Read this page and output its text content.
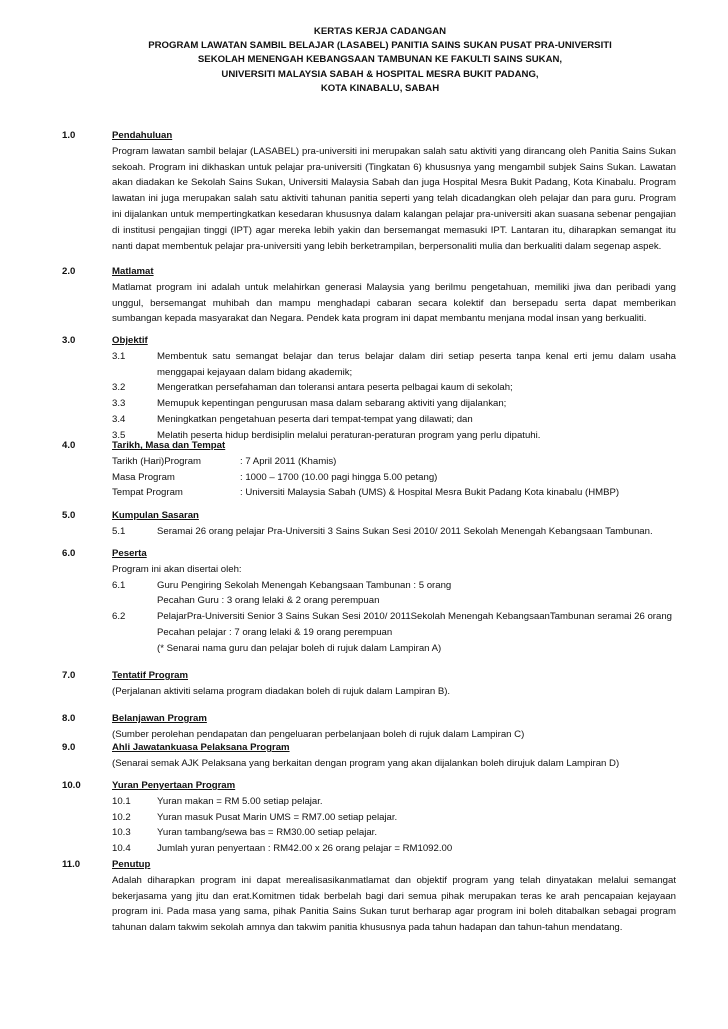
KERTAS KERJA CADANGAN
PROGRAM LAWATAN SAMBIL BELAJAR (LASABEL) PANITIA SAINS SUKAN PUSAT PRA-UNIVERSITI
SEKOLAH MENENGAH KEBANGSAAN TAMBUNAN KE FAKULTI SAINS SUKAN,
UNIVERSITI MALAYSIA SABAH & HOSPITAL MESRA BUKIT PADANG,
KOTA KINABALU, SABAH
1.0	Pendahuluan
Program lawatan sambil belajar (LASABEL) pra-universiti ini merupakan salah satu aktiviti yang dirancang oleh Panitia Sains Sukan sekoah. Program ini dikhaskan untuk pelajar pra-universiti (Tingkatan 6) khususnya yang mengambil subjek Sains Sukan. Lawatan akan diadakan ke Sekolah Sains Sukan, Universiti Malaysia Sabah dan juga Hospital Mesra Bukit Padang, Kota Kinabalu. Program lawatan ini juga merupakan salah satu aktiviti tahunan panitia seperti yang telah dicadangkan oleh pelajar dan para guru. Program ini dijalankan untuk mempertingkatkan kesedaran khususnya dalam kalangan pelajar pra-universiti akan suasana sebenar pengajian di institusi pengajian tinggi (IPT) agar mereka lebih yakin dan bersemangat memasuki IPT. Lantaran itu, diharapkan semangat itu nanti dapat membentuk pelajar pra-universiti yang lebih berketrampilan, berpersonaliti mulia dan berkualiti dalam segenap aspek.
2.0	Matlamat
Matlamat program ini adalah untuk melahirkan generasi Malaysia yang berilmu pengetahuan, memiliki jiwa dan peribadi yang unggul, bersemangat muhibah dan mampu menghadapi cabaran secara kolektif dan bersepadu serta dapat memberikan sumbangan kepada masyarakat dan Negara. Pendek kata program ini dapat membantu menjana modal insan yang berkualiti.
3.0	Objektif
3.1	Membentuk satu semangat belajar dan terus belajar dalam diri setiap peserta tanpa kenal erti jemu dalam usaha menggapai kejayaan dalam bidang akademik;
3.2	Mengeratkan persefahaman dan toleransi antara peserta pelbagai kaum di sekolah;
3.3	Memupuk kepentingan pengurusan masa dalam sebarang aktiviti yang dijalankan;
3.4	Meningkatkan pengetahuan peserta dari tempat-tempat yang dilawati; dan
3.5	Melatih peserta hidup berdisiplin melalui peraturan-peraturan program yang perlu dipatuhi.
4.0	Tarikh, Masa dan Tempat
Tarikh (Hari)Program	: 7 April 2011 (Khamis)
Masa Program	: 1000 – 1700 (10.00 pagi hingga 5.00 petang)
Tempat Program	: Universiti Malaysia Sabah (UMS) & Hospital Mesra Bukit Padang Kota kinabalu (HMBP)
5.0	Kumpulan Sasaran
5.1	Seramai 26 orang pelajar Pra-Universiti 3 Sains Sukan Sesi 2010/ 2011 Sekolah Menengah Kebangsaan Tambunan.
6.0	Peserta
Program ini akan disertai oleh:
6.1	Guru Pengiring Sekolah Menengah Kebangsaan Tambunan : 5 orang
Pecahan Guru : 3 orang lelaki & 2 orang perempuan
6.2	PelajarPra-Universiti Senior 3 Sains Sukan Sesi 2010/ 2011Sekolah Menengah KebangsaanTambunan seramai 26 orang
Pecahan pelajar : 7 orang lelaki & 19 orang perempuan
(* Senarai nama guru dan pelajar boleh di rujuk dalam Lampiran A)
7.0	Tentatif Program
(Perjalanan aktiviti selama program diadakan boleh di rujuk dalam Lampiran B).
8.0	Belanjawan Program
(Sumber perolehan pendapatan dan pengeluaran perbelanjaan boleh di rujuk dalam Lampiran C)
9.0	Ahli Jawatankuasa Pelaksana Program
(Senarai semak AJK Pelaksana yang berkaitan dengan program yang akan dijalankan boleh dirujuk dalam Lampiran D)
10.0	Yuran Penyertaan Program
10.1	Yuran makan = RM 5.00 setiap pelajar.
10.2	Yuran masuk Pusat Marin UMS = RM7.00 setiap pelajar.
10.3	Yuran tambang/sewa bas = RM30.00 setiap pelajar.
10.4	Jumlah yuran penyertaan : RM42.00 x 26 orang pelajar = RM1092.00
11.0	Penutup
Adalah diharapkan program ini dapat merealisasikanmatlamat dan objektif program yang telah dinyatakan melalui semangat bekerjasama yang jitu dan erat.Komitmen tidak berbelah bagi dari semua pihak merupakan teras ke arah pencapaian kejayaan program ini. Pada masa yang sama, pihak Panitia Sains Sukan turut berharap agar program ini boleh ditabalkan sebagai program tahunan dalam takwim sekolah amnya dan takwim panitia khususnya pada tahun hadapan dan tahun-tahun mendatang.
